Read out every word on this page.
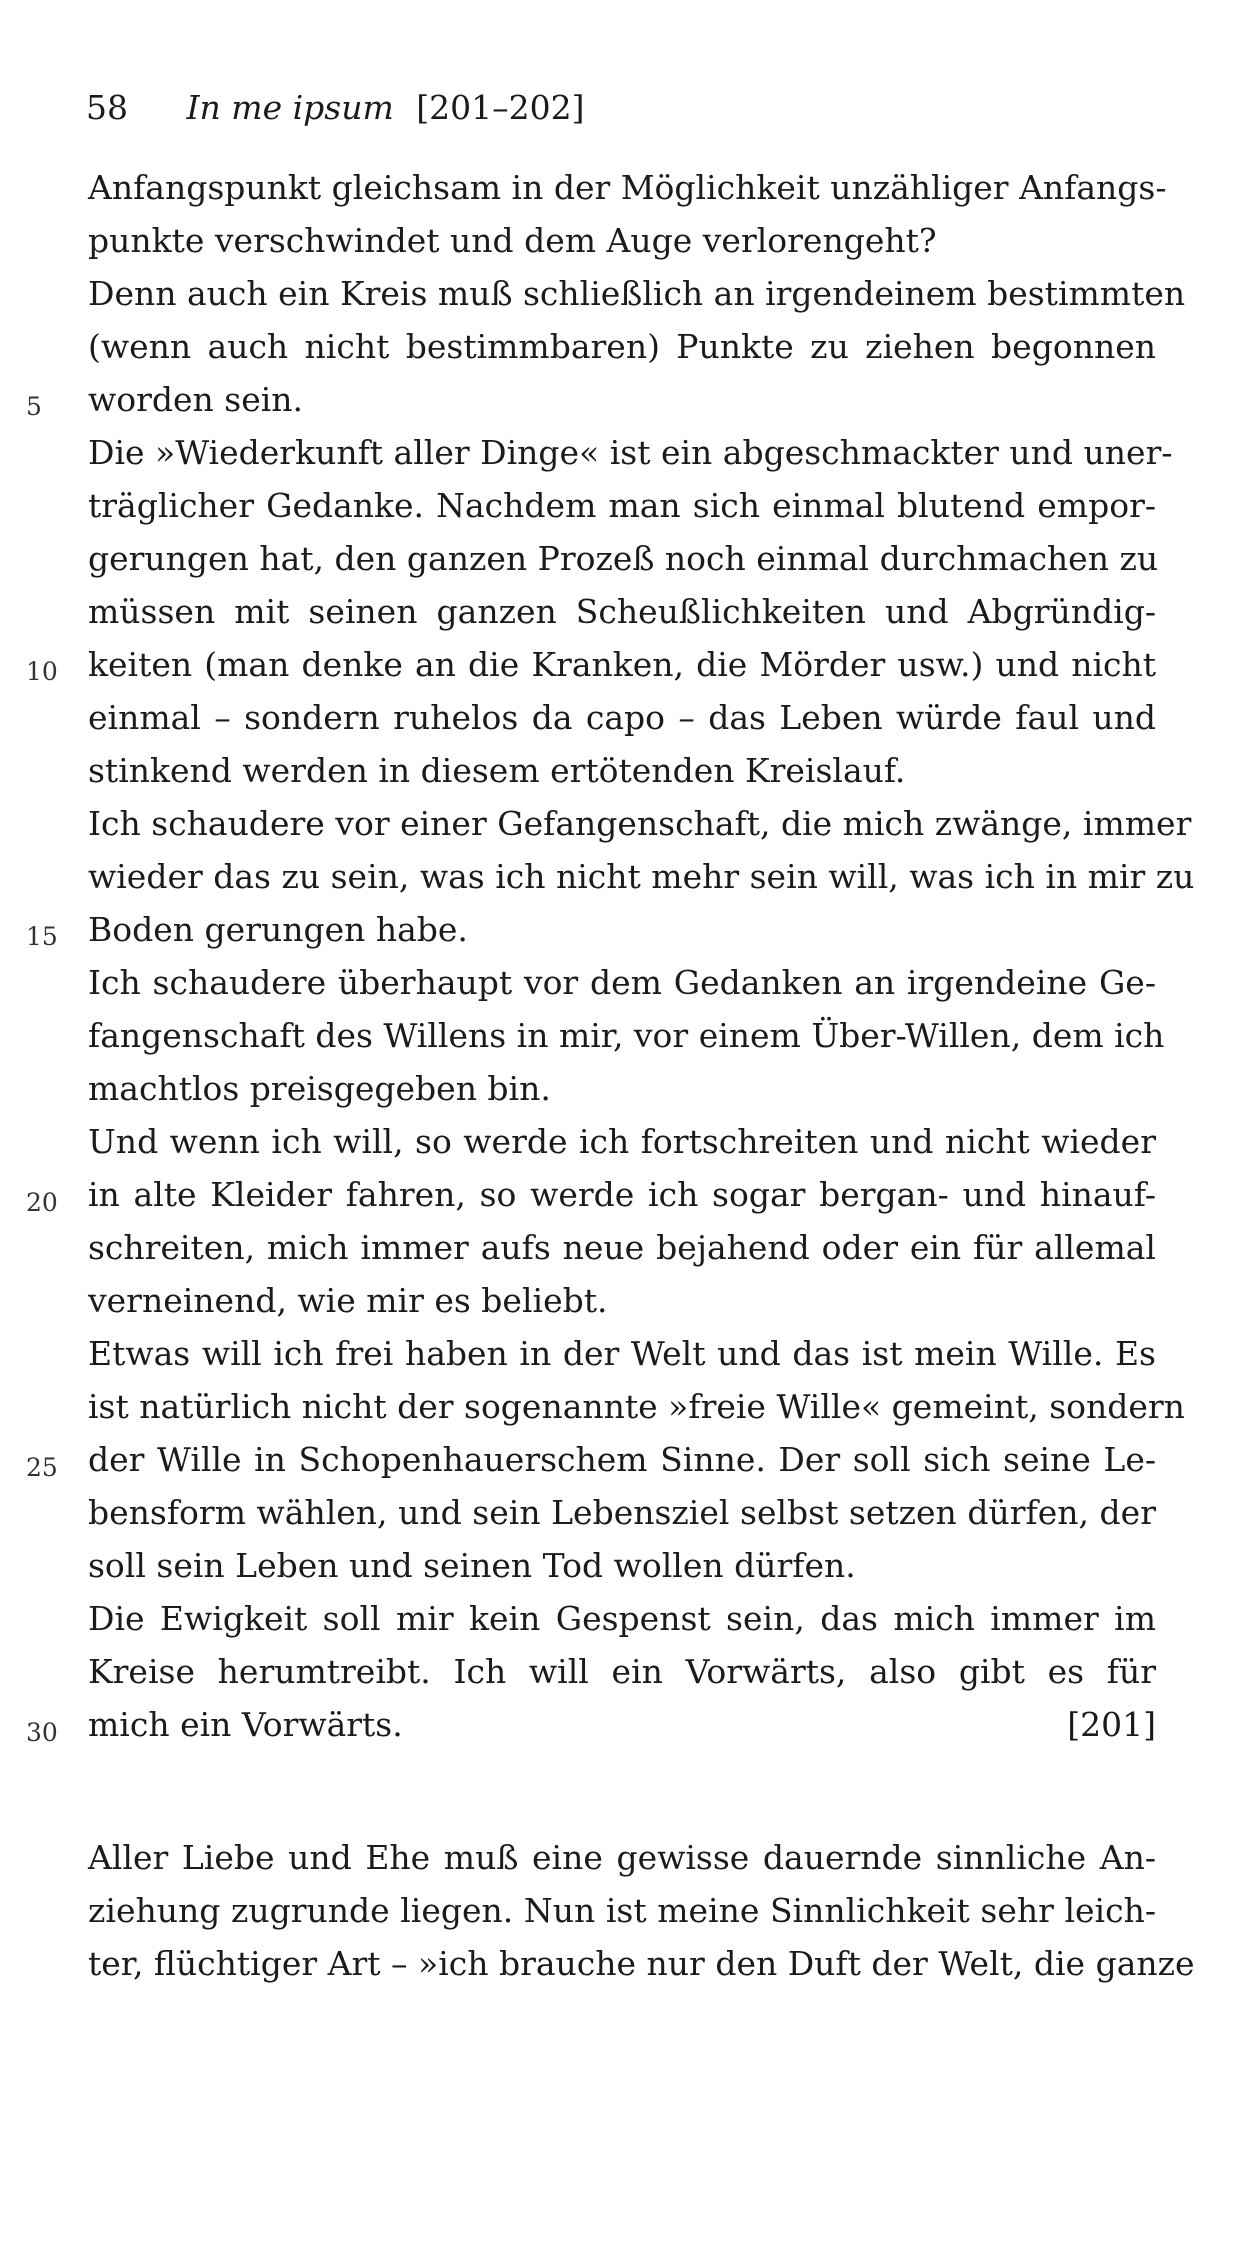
58 In me ipsum [201–202]
5
10
15
20
25
30
Anfangspunkt gleichsam in der Möglichkeit unzähliger Anfangs-
punkte verschwindet und dem Auge verlorengeht?
Denn auch ein Kreis muß schließlich an irgendeinem bestimmten
(wenn auch nicht bestimmbaren) Punkte zu ziehen begonnen
worden sein.
Die »Wiederkunft aller Dinge« ist ein abgeschmackter und uner-
träglicher Gedanke. Nachdem man sich einmal blutend empor-
gerungen hat, den ganzen Prozeß noch einmal durchmachen zu
müssen mit seinen ganzen Scheußlichkeiten und Abgründig-
keiten (man denke an die Kranken, die Mörder usw.) und nicht
einmal – sondern ruhelos da capo – das Leben würde faul und
stinkend werden in diesem ertötenden Kreislauf.
Ich schaudere vor einer Gefangenschaft, die mich zwänge, immer
wieder das zu sein, was ich nicht mehr sein will, was ich in mir zu
Boden gerungen habe.
Ich schaudere überhaupt vor dem Gedanken an irgendeine Ge-
fangenschaft des Willens in mir, vor einem Über-Willen, dem ich
machtlos preisgegeben bin.
Und wenn ich will, so werde ich fortschreiten und nicht wieder
in alte Kleider fahren, so werde ich sogar bergan- und hinauf-
schreiten, mich immer aufs neue bejahend oder ein für allemal
verneinend, wie mir es beliebt.
Etwas will ich frei haben in der Welt und das ist mein Wille. Es
ist natürlich nicht der sogenannte »freie Wille« gemeint, sondern
der Wille in Schopenhauerschem Sinne. Der soll sich seine Le-
bensform wählen, und sein Lebensziel selbst setzen dürfen, der
soll sein Leben und seinen Tod wollen dürfen.
Die Ewigkeit soll mir kein Gespenst sein, das mich immer im
Kreise herumtreibt. Ich will ein Vorwärts, also gibt es für
mich ein Vorwärts.	[201]
Aller Liebe und Ehe muß eine gewisse dauernde sinnliche An-
ziehung zugrunde liegen. Nun ist meine Sinnlichkeit sehr leich-
ter, flüchtiger Art – »ich brauche nur den Duft der Welt, die ganze
